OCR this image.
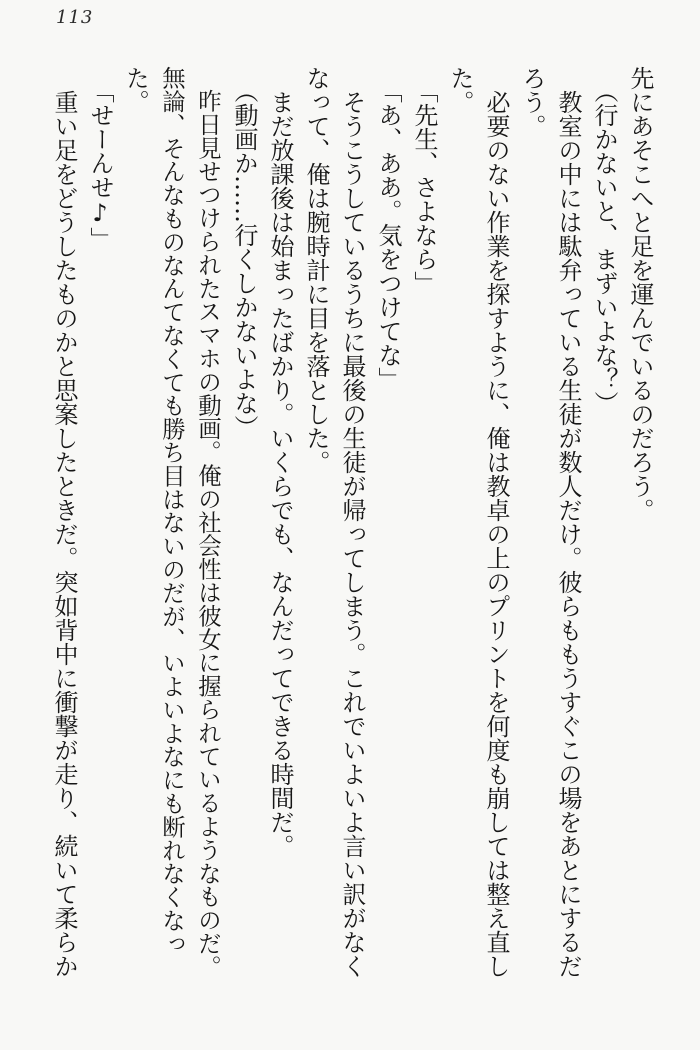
113

先にあそこへと足を運んでいるのだろう。

（行かないと、まずいよな？）

教室の中には駄弁っている生徒が数人だけ。彼らももうすぐこの場をあとにするだろう。

必要のない作業を探すように、俺は教卓の上のプリントを何度も崩しては整え直した。

「先生、さよなら」

「あ、ああ。気をつけてな」

そうこうしているうちに最後の生徒が帰ってしまう。これでいよいよ言い訳がなくなって、俺は腕時計に目を落とした。

まだ放課後は始まったばかり。いくらでも、なんだってできる時間だ。

（動画か……行くしかないよな）

昨日見せつけられたスマホの動画。俺の社会性は彼女に握られているようなものだ。無論、そんなものなんてなくても勝ち目はないのだが、いよいよなにも断れなくなった。

「せーんせ♪」

重い足をどうしたものかと思案したときだ。突如背中に衝撃が走り、続いて柔らか
